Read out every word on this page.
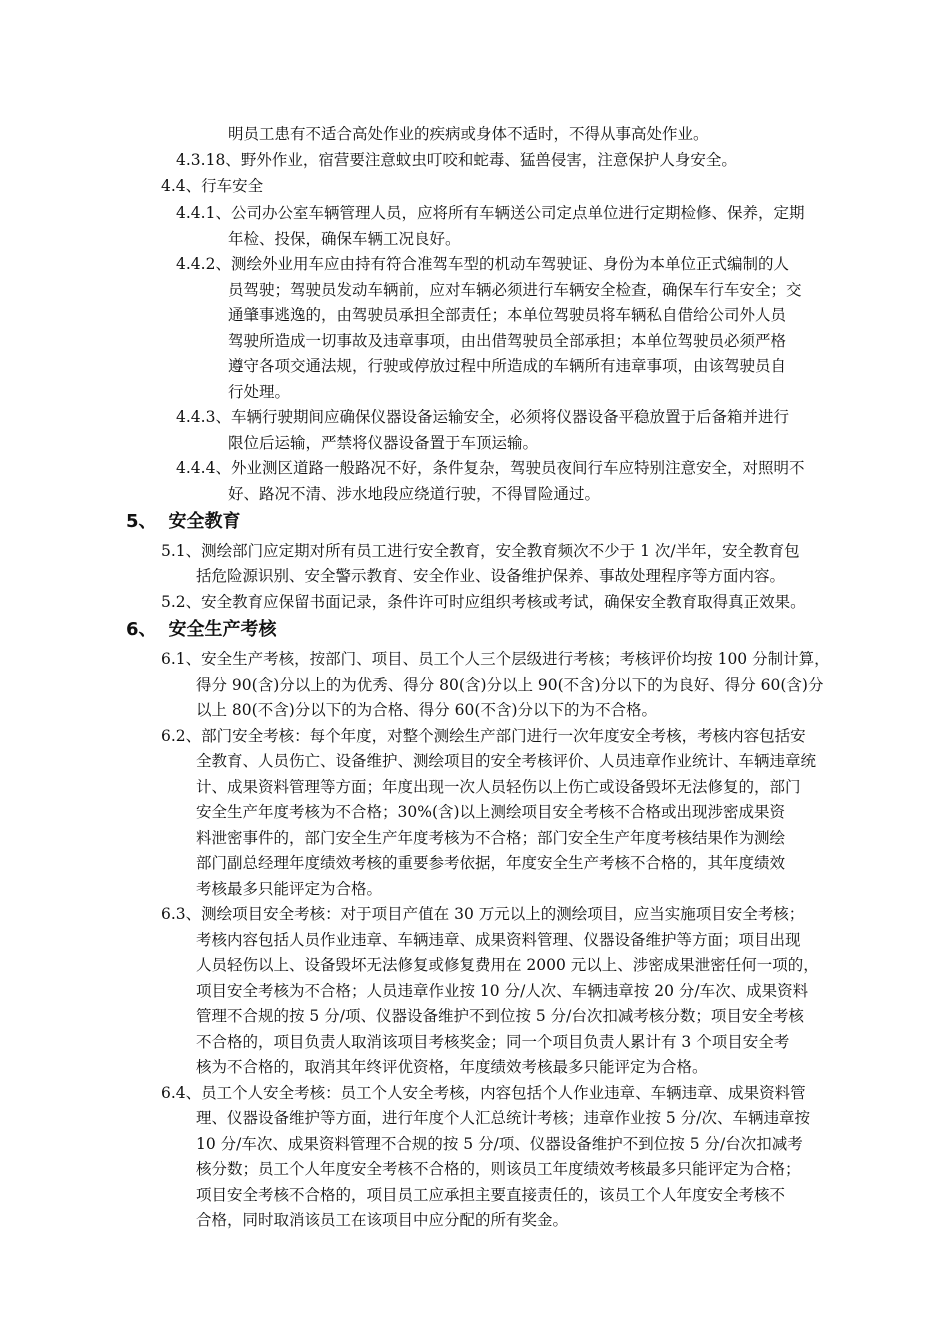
明员工患有不适合高处作业的疾病或身体不适时，不得从事高处作业。
4.3.18、野外作业，宿营要注意蚊虫叮咬和蛇毒、猛兽侵害，注意保护人身安全。
4.4、行车安全
4.4.1、公司办公室车辆管理人员，应将所有车辆送公司定点单位进行定期检修、保养，定期
年检、投保，确保车辆工况良好。
4.4.2、测绘外业用车应由持有符合准驾车型的机动车驾驶证、身份为本单位正式编制的人
员驾驶；驾驶员发动车辆前，应对车辆必须进行车辆安全检查，确保车行车安全；交
通肇事逃逸的，由驾驶员承担全部责任；本单位驾驶员将车辆私自借给公司外人员
驾驶所造成一切事故及违章事项，由出借驾驶员全部承担；本单位驾驶员必须严格
遵守各项交通法规，行驶或停放过程中所造成的车辆所有违章事项，由该驾驶员自
行处理。
4.4.3、车辆行驶期间应确保仪器设备运输安全，必须将仪器设备平稳放置于后备箱并进行
限位后运输，严禁将仪器设备置于车顶运输。
4.4.4、外业测区道路一般路况不好，条件复杂，驾驶员夜间行车应特别注意安全，对照明不
好、路况不清、涉水地段应绕道行驶，不得冒险通过。
5、 安全教育
5.1、测绘部门应定期对所有员工进行安全教育，安全教育频次不少于 1 次/半年，安全教育包
括危险源识别、安全警示教育、安全作业、设备维护保养、事故处理程序等方面内容。
5.2、安全教育应保留书面记录，条件许可时应组织考核或考试，确保安全教育取得真正效果。
6、 安全生产考核
6.1、安全生产考核，按部门、项目、员工个人三个层级进行考核；考核评价均按 100 分制计算，
得分 90(含)分以上的为优秀、得分 80(含)分以上 90(不含)分以下的为良好、得分 60(含)分
以上 80(不含)分以下的为合格、得分 60(不含)分以下的为不合格。
6.2、部门安全考核：每个年度，对整个测绘生产部门进行一次年度安全考核，考核内容包括安
全教育、人员伤亡、设备维护、测绘项目的安全考核评价、人员违章作业统计、车辆违章统
计、成果资料管理等方面；年度出现一次人员轻伤以上伤亡或设备毁坏无法修复的，部门
安全生产年度考核为不合格；30%(含)以上测绘项目安全考核不合格或出现涉密成果资
料泄密事件的，部门安全生产年度考核为不合格；部门安全生产年度考核结果作为测绘
部门副总经理年度绩效考核的重要参考依据，年度安全生产考核不合格的，其年度绩效
考核最多只能评定为合格。
6.3、测绘项目安全考核：对于项目产值在 30 万元以上的测绘项目，应当实施项目安全考核；
考核内容包括人员作业违章、车辆违章、成果资料管理、仪器设备维护等方面；项目出现
人员轻伤以上、设备毁坏无法修复或修复费用在 2000 元以上、涉密成果泄密任何一项的，
项目安全考核为不合格；人员违章作业按 10 分/人次、车辆违章按 20 分/车次、成果资料
管理不合规的按 5 分/项、仪器设备维护不到位按 5 分/台次扣减考核分数；项目安全考核
不合格的，项目负责人取消该项目考核奖金；同一个项目负责人累计有 3 个项目安全考
核为不合格的，取消其年终评优资格，年度绩效考核最多只能评定为合格。
6.4、员工个人安全考核：员工个人安全考核，内容包括个人作业违章、车辆违章、成果资料管
理、仪器设备维护等方面，进行年度个人汇总统计考核；违章作业按 5 分/次、车辆违章按
10 分/车次、成果资料管理不合规的按 5 分/项、仪器设备维护不到位按 5 分/台次扣减考
核分数；员工个人年度安全考核不合格的，则该员工年度绩效考核最多只能评定为合格；
项目安全考核不合格的，项目员工应承担主要直接责任的，该员工个人年度安全考核不
合格，同时取消该员工在该项目中应分配的所有奖金。
